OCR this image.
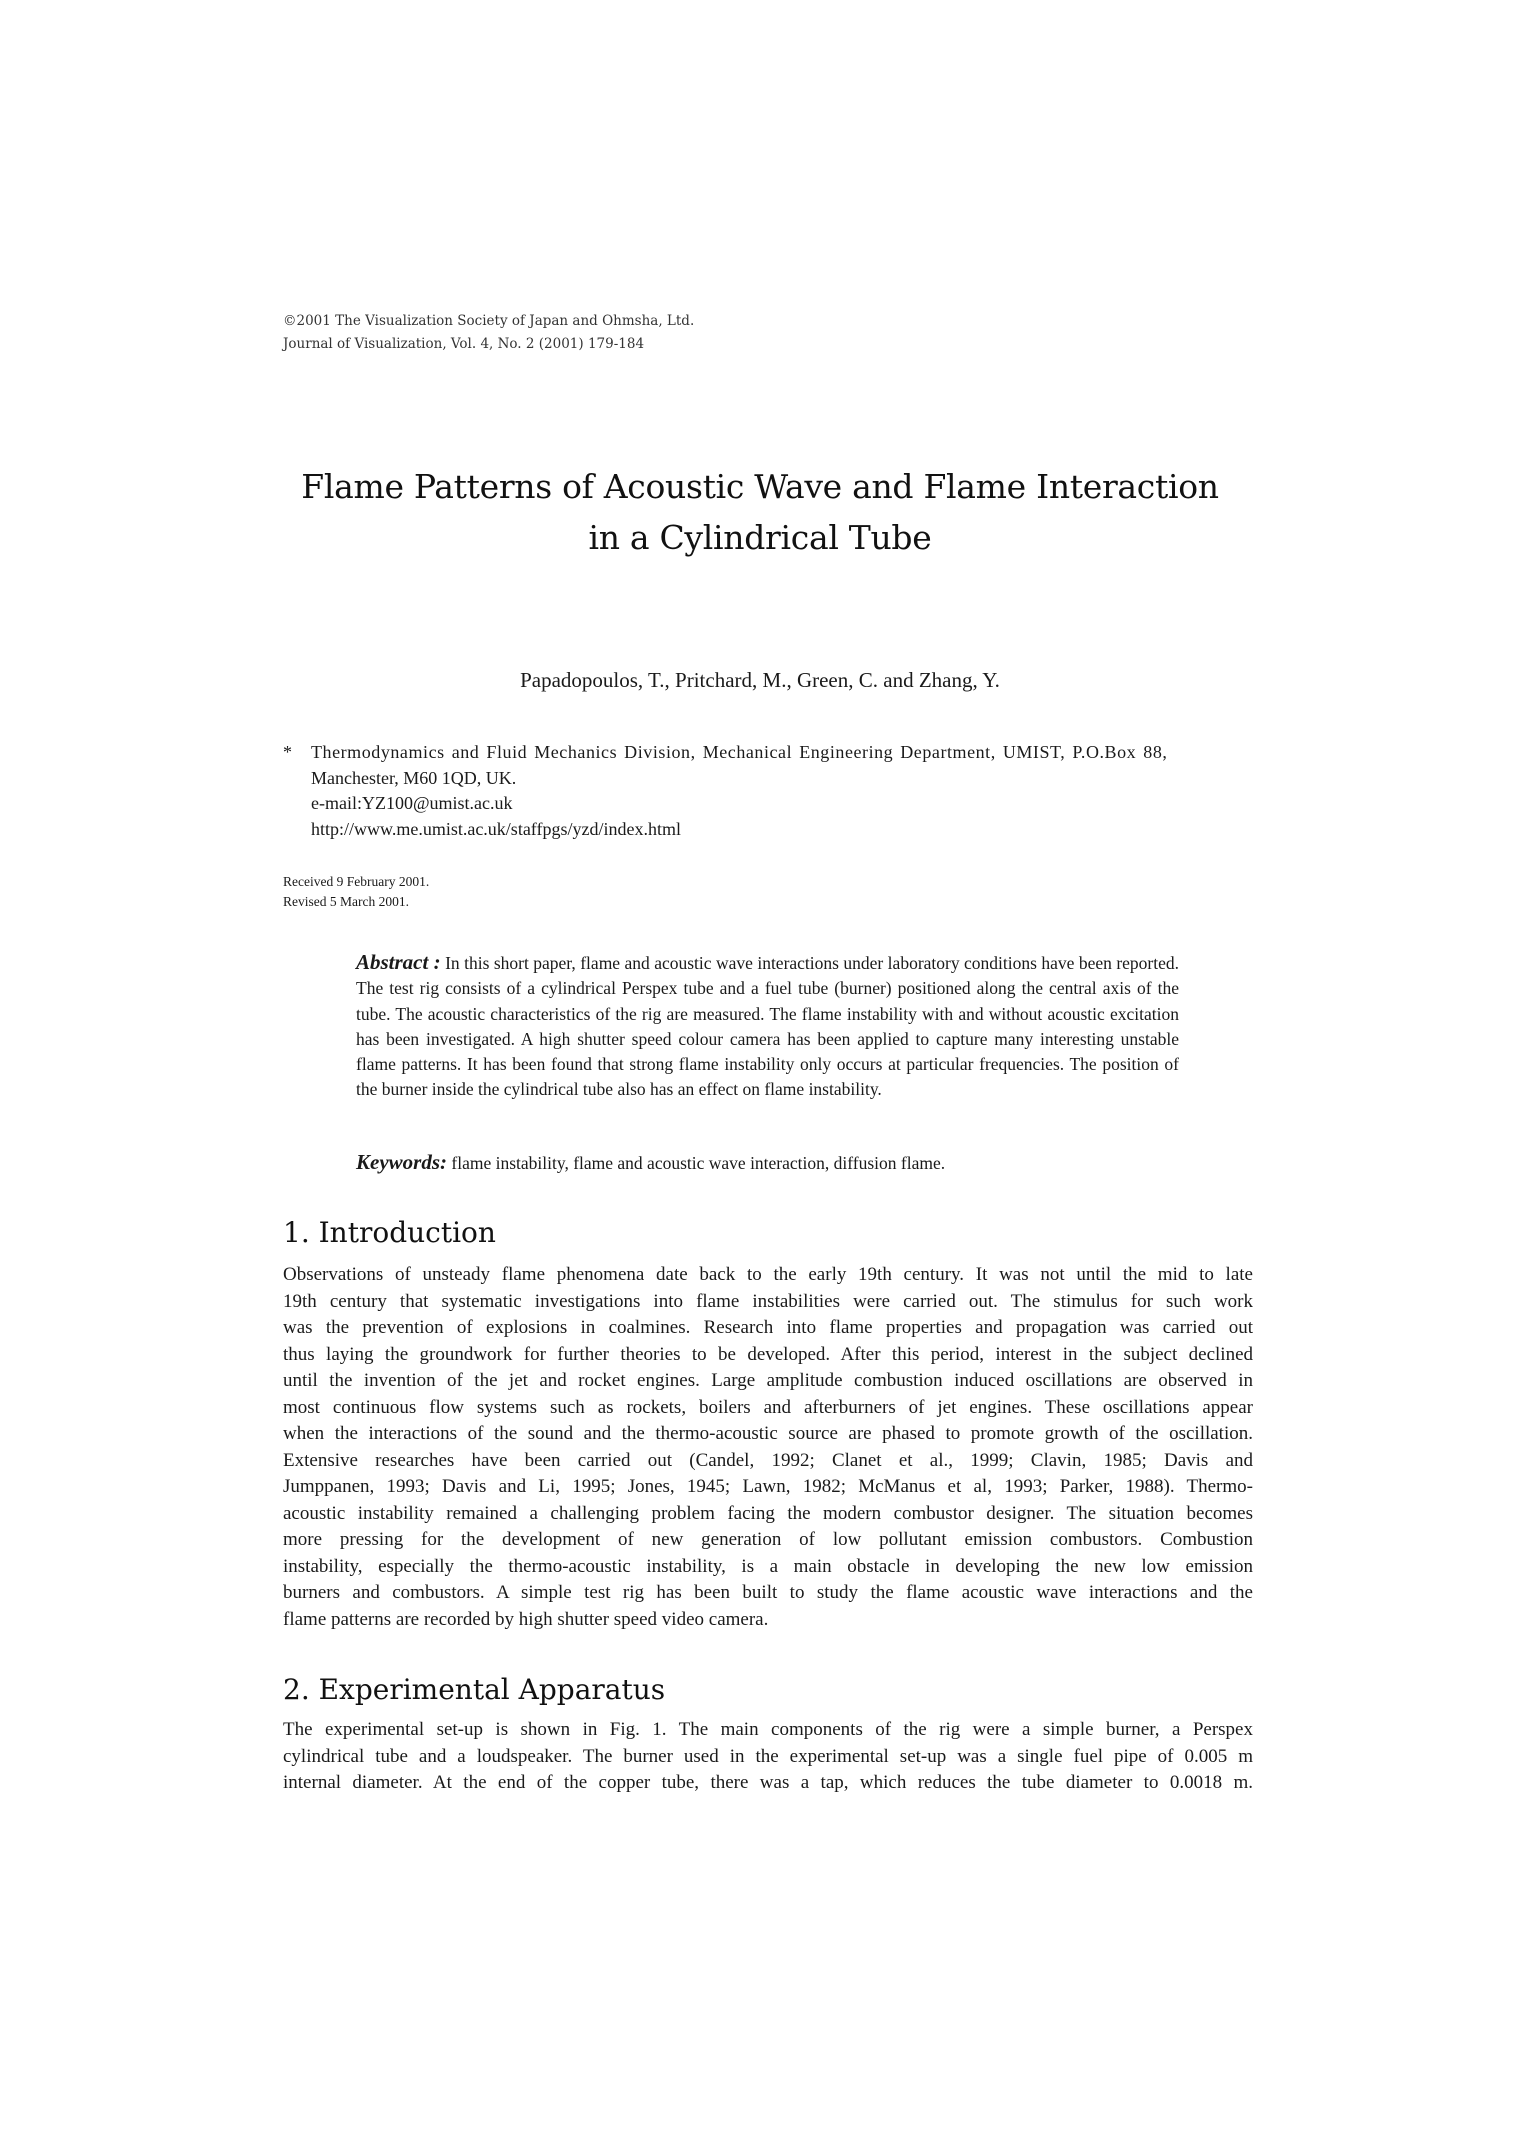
©2001 The Visualization Society of Japan and Ohmsha, Ltd.
Journal of Visualization, Vol. 4, No. 2 (2001) 179-184
Flame Patterns of Acoustic Wave and Flame Interaction
in a Cylindrical Tube
Papadopoulos, T., Pritchard, M., Green, C. and Zhang, Y.
* Thermodynamics and Fluid Mechanics Division, Mechanical Engineering Department, UMIST, P.O.Box 88,
Manchester, M60 1QD, UK.
e-mail:YZ100@umist.ac.uk
http://www.me.umist.ac.uk/staffpgs/yzd/index.html
Received 9 February 2001.
Revised 5 March 2001.

Abstract : In this short paper, flame and acoustic wave interactions under laboratory conditions have been reported. The test rig consists of a cylindrical Perspex tube and a fuel tube (burner) positioned along the central axis of the tube. The acoustic characteristics of the rig are measured. The flame instability with and without acoustic excitation has been investigated. A high shutter speed colour camera has been applied to capture many interesting unstable flame patterns. It has been found that strong flame instability only occurs at particular frequencies. The position of the burner inside the cylindrical tube also has an effect on flame instability.

Keywords: flame instability, flame and acoustic wave interaction, diffusion flame.
1. Introduction
Observations of unsteady flame phenomena date back to the early 19th century. It was not until the mid to late
19th century that systematic investigations into flame instabilities were carried out. The stimulus for such work
was the prevention of explosions in coalmines. Research into flame properties and propagation was carried out
thus laying the groundwork for further theories to be developed. After this period, interest in the subject declined
until the invention of the jet and rocket engines. Large amplitude combustion induced oscillations are observed in
most continuous flow systems such as rockets, boilers and afterburners of jet engines. These oscillations appear
when the interactions of the sound and the thermo-acoustic source are phased to promote growth of the oscillation.
Extensive researches have been carried out (Candel, 1992; Clanet et al., 1999; Clavin, 1985; Davis and
Jumppanen, 1993; Davis and Li, 1995; Jones, 1945; Lawn, 1982; McManus et al, 1993; Parker, 1988). Thermo-
acoustic instability remained a challenging problem facing the modern combustor designer. The situation becomes
more pressing for the development of new generation of low pollutant emission combustors. Combustion
instability, especially the thermo-acoustic instability, is a main obstacle in developing the new low emission
burners and combustors. A simple test rig has been built to study the flame acoustic wave interactions and the
flame patterns are recorded by high shutter speed video camera.
2. Experimental Apparatus
The experimental set-up is shown in Fig. 1. The main components of the rig were a simple burner, a Perspex
cylindrical tube and a loudspeaker. The burner used in the experimental set-up was a single fuel pipe of 0.005 m
internal diameter. At the end of the copper tube, there was a tap, which reduces the tube diameter to 0.0018 m.
